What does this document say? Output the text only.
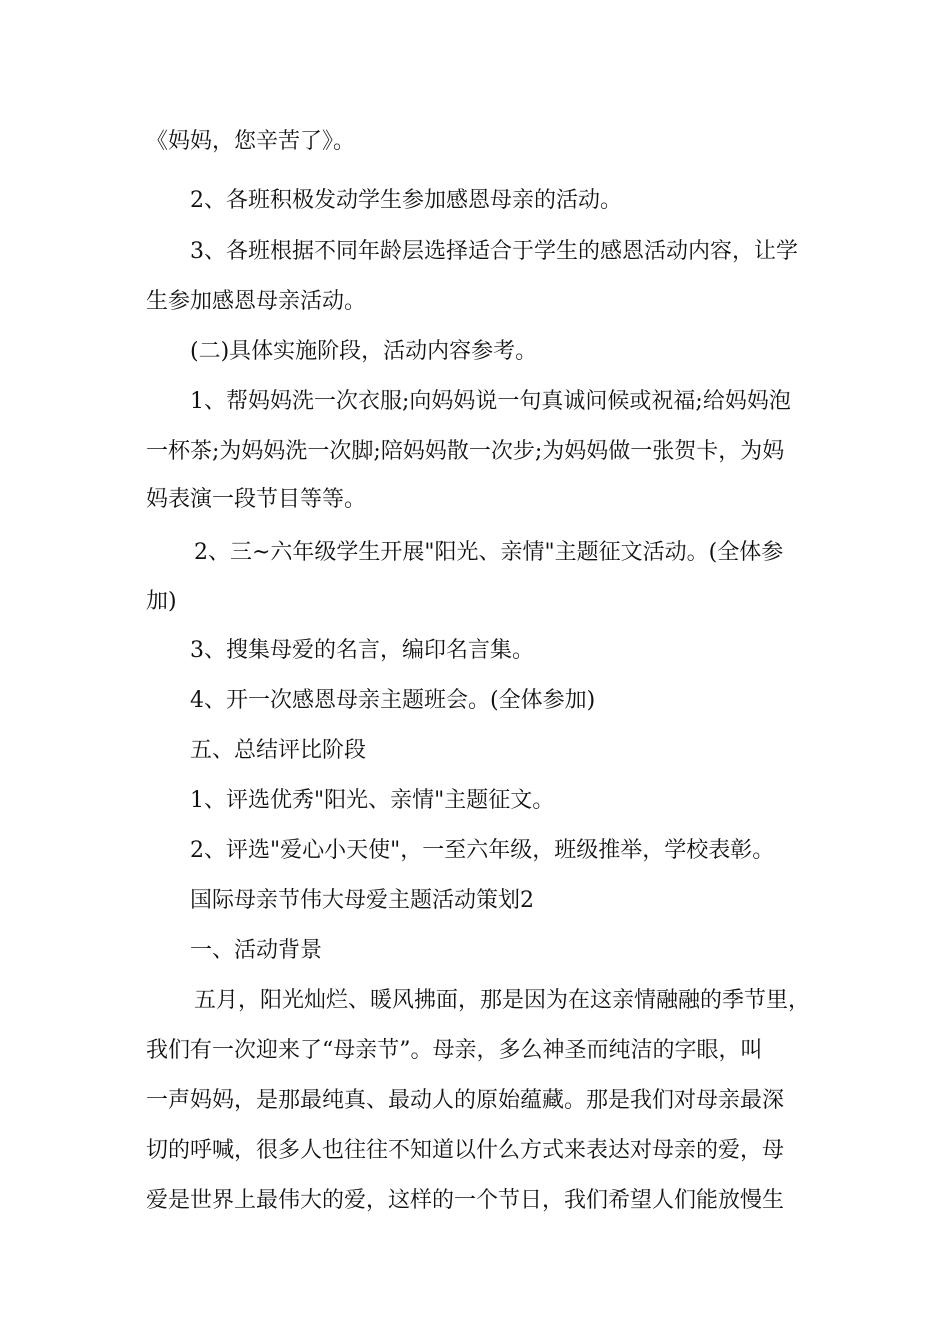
《妈妈，您辛苦了》。
2、各班积极发动学生参加感恩母亲的活动。
3、各班根据不同年龄层选择适合于学生的感恩活动内容，让学
生参加感恩母亲活动。
(二)具体实施阶段，活动内容参考。
1、帮妈妈洗一次衣服;向妈妈说一句真诚问候或祝福;给妈妈泡
一杯茶;为妈妈洗一次脚;陪妈妈散一次步;为妈妈做一张贺卡，为妈
妈表演一段节目等等。
2、三~六年级学生开展"阳光、亲情"主题征文活动。(全体参
加)
3、搜集母爱的名言，编印名言集。
4、开一次感恩母亲主题班会。(全体参加)
五、总结评比阶段
1、评选优秀"阳光、亲情"主题征文。
2、评选"爱心小天使"，一至六年级，班级推举，学校表彰。
国际母亲节伟大母爱主题活动策划2
一、活动背景
五月，阳光灿烂、暖风拂面，那是因为在这亲情融融的季节里，
我们有一次迎来了“母亲节”。母亲，多么神圣而纯洁的字眼，叫
一声妈妈，是那最纯真、最动人的原始蕴藏。那是我们对母亲最深
切的呼喊，很多人也往往不知道以什么方式来表达对母亲的爱，母
爱是世界上最伟大的爱，这样的一个节日，我们希望人们能放慢生
